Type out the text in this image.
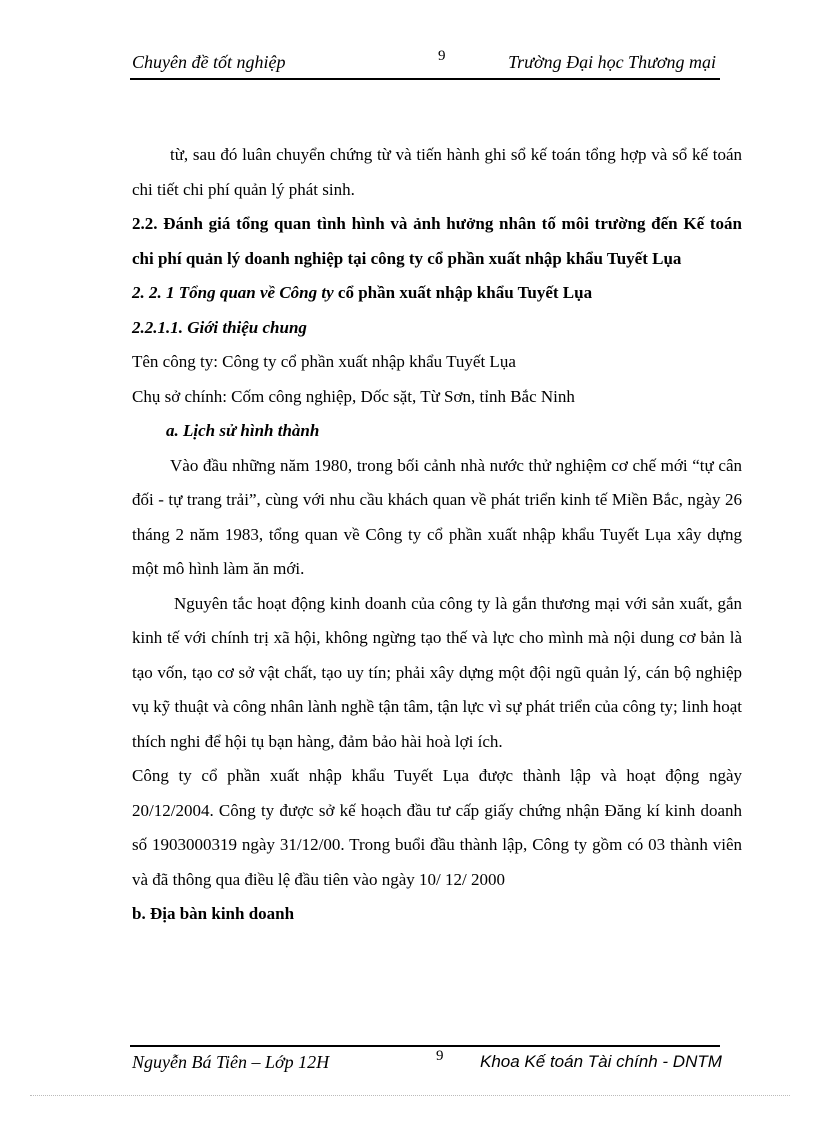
Chuyên đề tốt nghiệp	9	Trường Đại học Thương mại

từ, sau đó luân chuyển chứng từ và tiến hành ghi sổ kế toán tổng hợp và sổ kế toán chi tiết chi phí quản lý phát sinh.

2.2. Đánh giá tổng quan tình hình và ảnh hưởng nhân tố môi trường đến Kế toán chi phí quản lý doanh nghiệp tại công ty cổ phần xuất nhập khẩu Tuyết Lụa

2. 2. 1 Tổng quan về Công ty cổ phần xuất nhập khẩu Tuyết Lụa

2.2.1.1. Giới thiệu chung

Tên công ty: Công ty cổ phần xuất nhập khẩu Tuyết Lụa

Chụ sở chính: Cốm công nghiệp, Dốc sặt, Từ Sơn, tỉnh Bắc Ninh

a. Lịch sử hình thành

Vào đầu những năm 1980, trong bối cảnh nhà nước thử nghiệm cơ chế mới “tự cân đối - tự trang trải”, cùng với nhu cầu khách quan về phát triển kinh tế Miền Bắc, ngày 26 tháng 2 năm 1983, tổng quan về Công ty cổ phần xuất nhập khẩu Tuyết Lụa xây dựng một mô hình làm ăn mới.

Nguyên tắc hoạt động kinh doanh của công ty là gắn thương mại với sản xuất, gắn kinh tế với chính trị xã hội, không ngừng tạo thế và lực cho mình mà nội dung cơ bản là tạo vốn, tạo cơ sở vật chất, tạo uy tín; phải xây dựng một đội ngũ quản lý, cán bộ nghiệp vụ kỹ thuật và công nhân lành nghề tận tâm, tận lực vì sự phát triển của công ty; linh hoạt thích nghi để hội tụ bạn hàng, đảm bảo hài hoà lợi ích.

Công ty cổ phần xuất nhập khẩu Tuyết Lụa được thành lập và hoạt động ngày 20/12/2004. Công ty được sở kế hoạch đầu tư cấp giấy chứng nhận Đăng kí kinh doanh số 1903000319 ngày 31/12/00. Trong buổi đầu thành lập, Công ty gồm có 03 thành viên và đã thông qua điều lệ đầu tiên vào ngày 10/ 12/ 2000

b. Địa bàn kinh doanh

Nguyễn Bá Tiên – Lớp 12H	9 Khoa Kế toán Tài chính - DNTM
